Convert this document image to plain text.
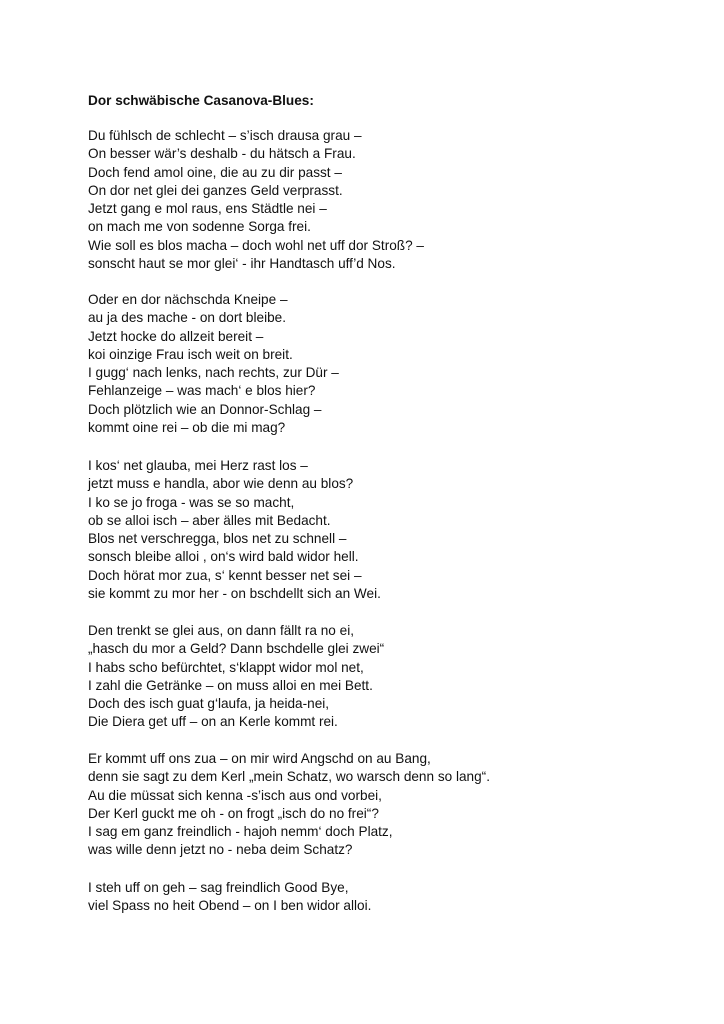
Dor schwäbische Casanova-Blues:
Du fühlsch de schlecht – s’isch drausa grau –
On besser wär’s deshalb - du hätsch a Frau.
Doch fend amol oine, die au zu dir passt –
On dor net glei dei ganzes Geld verprasst.
Jetzt gang e mol raus, ens Städtle nei –
on mach me von sodenne Sorga frei.
Wie soll es blos macha – doch wohl net uff dor Stroß? –
sonscht haut se mor glei‘ - ihr Handtasch uff’d Nos.
Oder en dor nächschda Kneipe –
au ja des mache - on dort bleibe.
Jetzt hocke do allzeit bereit –
koi oinzige Frau isch weit on breit.
I gugg‘ nach lenks, nach rechts, zur Dür –
Fehlanzeige – was mach‘ e blos hier?
Doch plötzlich wie an Donnor-Schlag –
kommt oine rei – ob die mi mag?
I kos‘ net glauba, mei Herz rast los –
jetzt muss e handla, abor wie denn au blos?
I ko se jo froga - was se so macht,
ob se alloi isch – aber älles mit Bedacht.
Blos net verschregga, blos net zu schnell –
sonsch bleibe alloi , on‘s wird bald widor hell.
Doch hörat mor zua, s‘ kennt besser net sei –
sie kommt zu mor her - on bschdellt sich an Wei.
Den trenkt se glei aus, on dann fällt ra no ei,
„hasch du mor a Geld? Dann bschdelle glei zwei“
I habs scho befürchtet, s‘klappt widor mol net,
I zahl die Getränke – on muss alloi en mei Bett.
Doch des isch guat g‘laufa, ja heida-nei,
Die Diera get uff – on an Kerle kommt rei.
Er kommt uff ons zua – on mir wird Angschd on au Bang,
denn sie sagt zu dem Kerl „mein Schatz, wo warsch denn so lang“.
Au die müssat sich kenna -s’isch aus ond vorbei,
Der Kerl guckt me oh - on frogt „isch do no frei“?
I sag em ganz freindlich - hajoh nemm‘ doch Platz,
was wille denn jetzt no - neba deim Schatz?
I steh uff on geh – sag freindlich Good Bye,
viel Spass no heit Obend – on I ben widor alloi.
